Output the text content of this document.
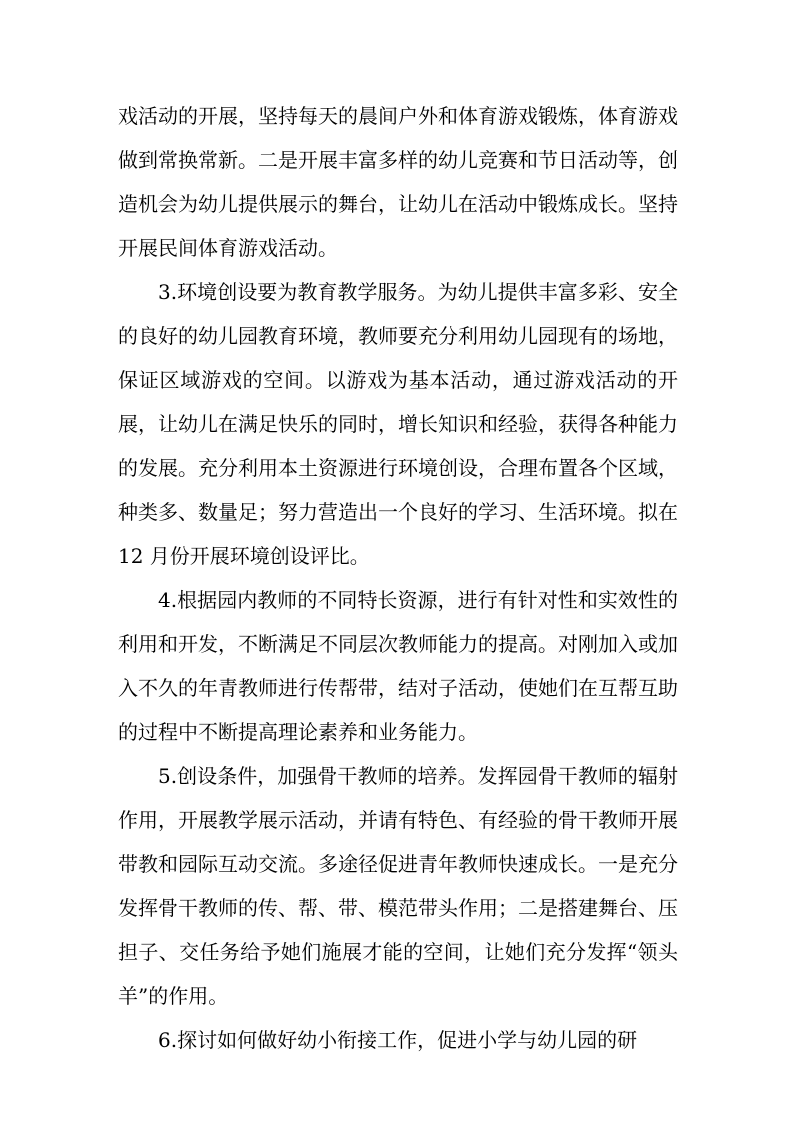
戏活动的开展，坚持每天的晨间户外和体育游戏锻炼，体育游戏做到常换常新。二是开展丰富多样的幼儿竞赛和节日活动等，创造机会为幼儿提供展示的舞台，让幼儿在活动中锻炼成长。坚持开展民间体育游戏活动。

3.环境创设要为教育教学服务。为幼儿提供丰富多彩、安全的良好的幼儿园教育环境，教师要充分利用幼儿园现有的场地，保证区域游戏的空间。以游戏为基本活动，通过游戏活动的开展，让幼儿在满足快乐的同时，增长知识和经验，获得各种能力的发展。充分利用本土资源进行环境创设，合理布置各个区域，种类多、数量足；努力营造出一个良好的学习、生活环境。拟在 12 月份开展环境创设评比。

4.根据园内教师的不同特长资源，进行有针对性和实效性的利用和开发，不断满足不同层次教师能力的提高。对刚加入或加入不久的年青教师进行传帮带，结对子活动，使她们在互帮互助的过程中不断提高理论素养和业务能力。

5.创设条件，加强骨干教师的培养。发挥园骨干教师的辐射作用，开展教学展示活动，并请有特色、有经验的骨干教师开展带教和园际互动交流。多途径促进青年教师快速成长。一是充分发挥骨干教师的传、帮、带、模范带头作用；二是搭建舞台、压担子、交任务给予她们施展才能的空间，让她们充分发挥“领头羊”的作用。

6.探讨如何做好幼小衔接工作，促进小学与幼儿园的研
